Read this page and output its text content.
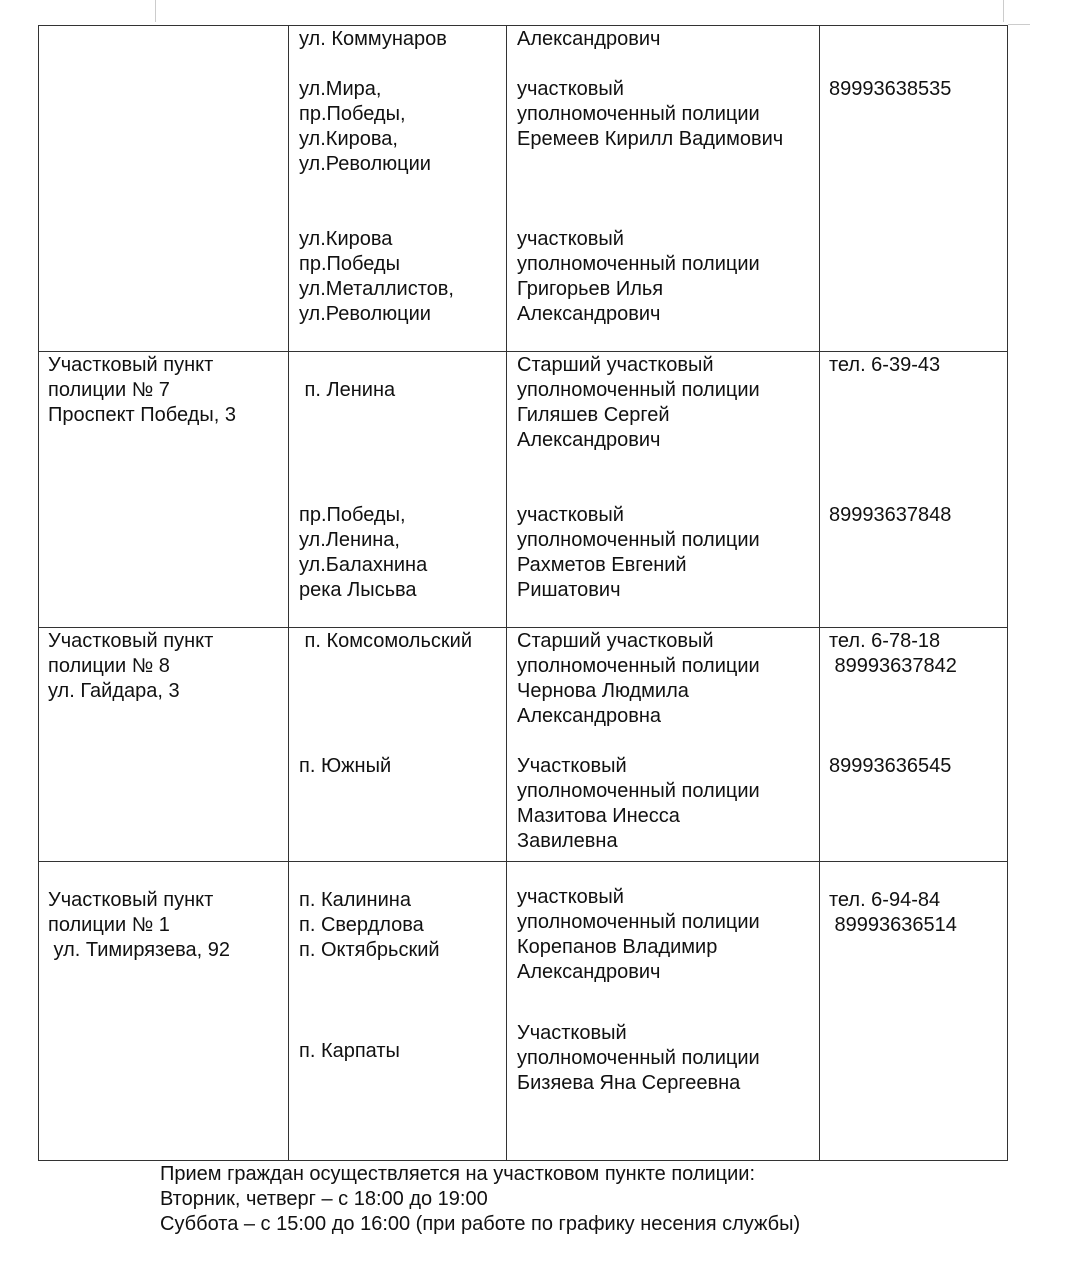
ул. Коммунаров	Александрович
ул.Мира,
пр.Победы,
ул.Кирова,
ул.Революции
участковый
уполномоченный полиции
Еремеев Кирилл Вадимович
89993638535
ул.Кирова
пр.Победы
ул.Металлистов,
ул.Революции
участковый
уполномоченный полиции
Григорьев Илья
Александрович
Участковый пункт
полиции № 7
Проспект Победы, 3
п. Ленина
Старший участковый
уполномоченный полиции
Гиляшев Сергей
Александрович
тел. 6-39-43
пр.Победы,
ул.Ленина,
ул.Балахнина
река Лысьва
участковый
уполномоченный полиции
Рахметов Евгений
Ришатович
89993637848
Участковый пункт
полиции № 8
ул. Гайдара, 3
п. Комсомольский Старший участковый
уполномоченный полиции
Чернова Людмила
Александровна
тел. 6-78-18
89993637842
п. Южный	Участковый
уполномоченный полиции
Мазитова Инесса
Завилевна
89993636545
Участковый пункт
полиции № 1
ул. Тимирязева, 92
п. Калинина
п. Свердлова
п. Октябрьский
участковый
уполномоченный полиции
Корепанов Владимир
Александрович
тел. 6-94-84
89993636514
п. Карпаты
Участковый
уполномоченный полиции
Бизяева Яна Сергеевна
Прием граждан осуществляется на участковом пункте полиции:
Вторник, четверг – с 18:00 до 19:00
Суббота – с 15:00 до 16:00 (при работе по графику несения службы)
